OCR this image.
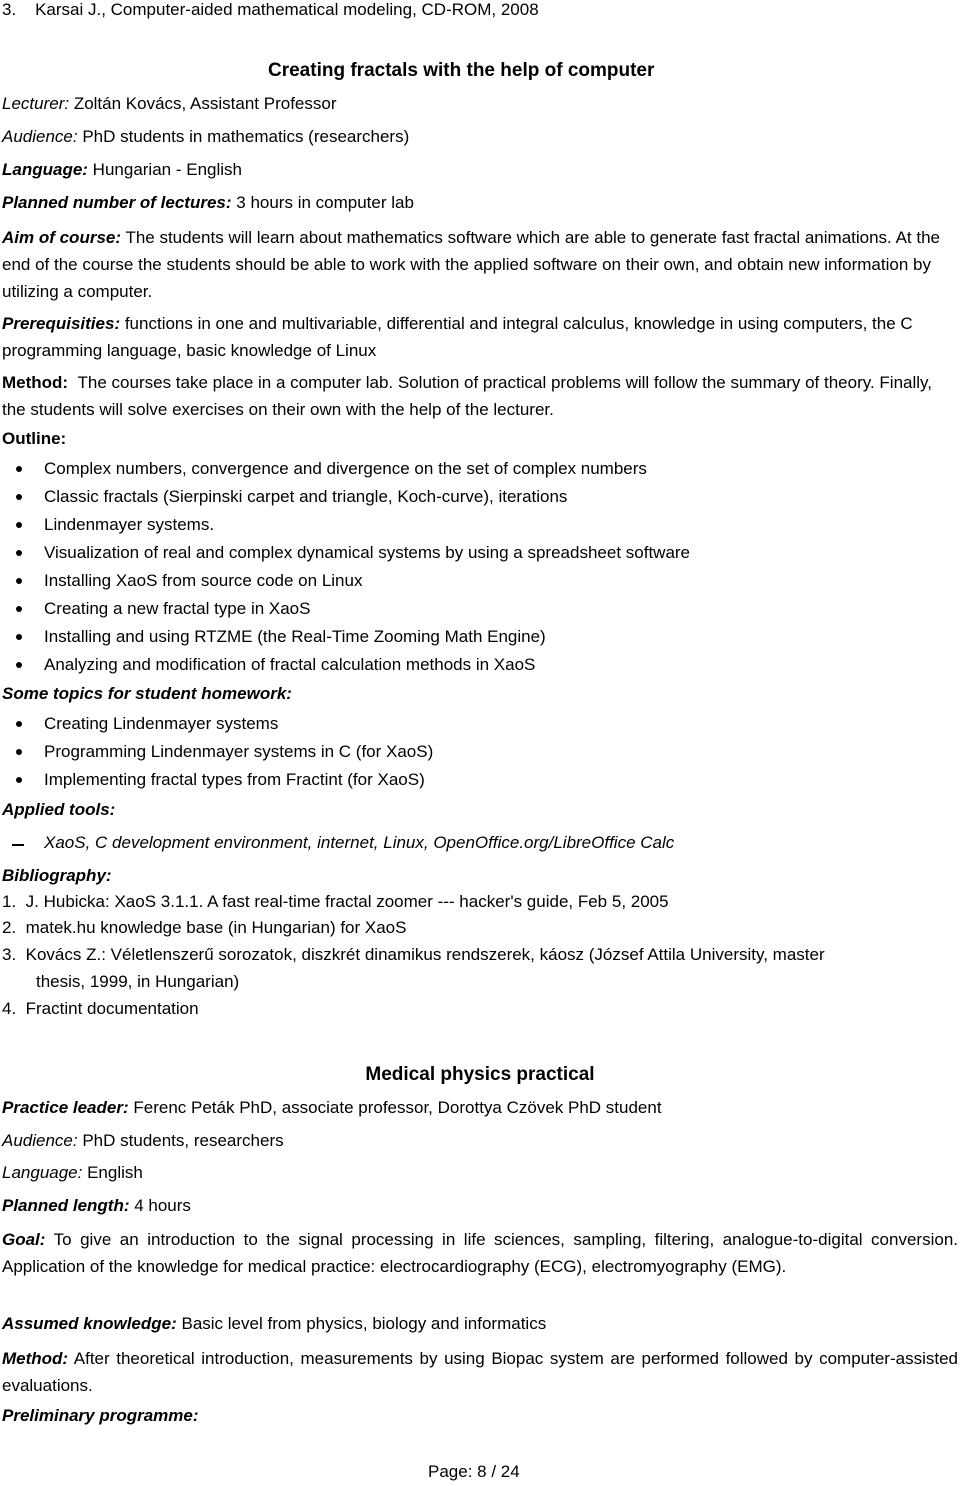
3.    Karsai J., Computer-aided mathematical modeling, CD-ROM, 2008
Creating fractals with the help of computer
Lecturer: Zoltán Kovács, Assistant Professor
Audience: PhD students in mathematics (researchers)
Language: Hungarian - English
Planned number of lectures: 3 hours in computer lab
Aim of course: The students will learn about mathematics software which are able to generate fast fractal animations. At the end of the course the students should be able to work with the applied software on their own, and obtain new information by utilizing a computer.
Prerequisities: functions in one and multivariable, differential and integral calculus, knowledge in using computers, the C programming language, basic knowledge of Linux
Method:  The courses take place in a computer lab. Solution of practical problems will follow the summary of theory. Finally, the students will solve exercises on their own with the help of the lecturer.
Outline:
Complex numbers, convergence and divergence on the set of complex numbers
Classic fractals (Sierpinski carpet and triangle, Koch-curve), iterations
Lindenmayer systems.
Visualization of real and complex dynamical systems by using a spreadsheet software
Installing XaoS from source code on Linux
Creating a new fractal type in XaoS
Installing and using RTZME (the Real-Time Zooming Math Engine)
Analyzing and modification of fractal calculation methods in XaoS
Some topics for student homework:
Creating Lindenmayer systems
Programming Lindenmayer systems in C (for XaoS)
Implementing fractal types from Fractint (for XaoS)
Applied tools:
XaoS, C development environment, internet, Linux, OpenOffice.org/LibreOffice Calc
Bibliography:
1. J. Hubicka: XaoS 3.1.1. A fast real-time fractal zoomer --- hacker's guide, Feb 5, 2005
2. matek.hu knowledge base (in Hungarian) for XaoS
3. Kovács Z.: Véletlenszerű sorozatok, diszkrét dinamikus rendszerek, káosz (József Attila University, master
thesis, 1999, in Hungarian)
4. Fractint documentation
Medical physics practical
Practice leader: Ferenc Peták PhD, associate professor, Dorottya Czövek PhD student
Audience: PhD students, researchers
Language: English
Planned length: 4 hours
Goal: To give an introduction to the signal processing in life sciences, sampling, filtering, analogue-to-digital conversion. Application of the knowledge for medical practice: electrocardiography (ECG), electromyography (EMG).
Assumed knowledge: Basic level from physics, biology and informatics
Method: After theoretical introduction, measurements by using Biopac system are performed followed by computer-assisted evaluations.
Preliminary programme:
Page: 8 / 24
